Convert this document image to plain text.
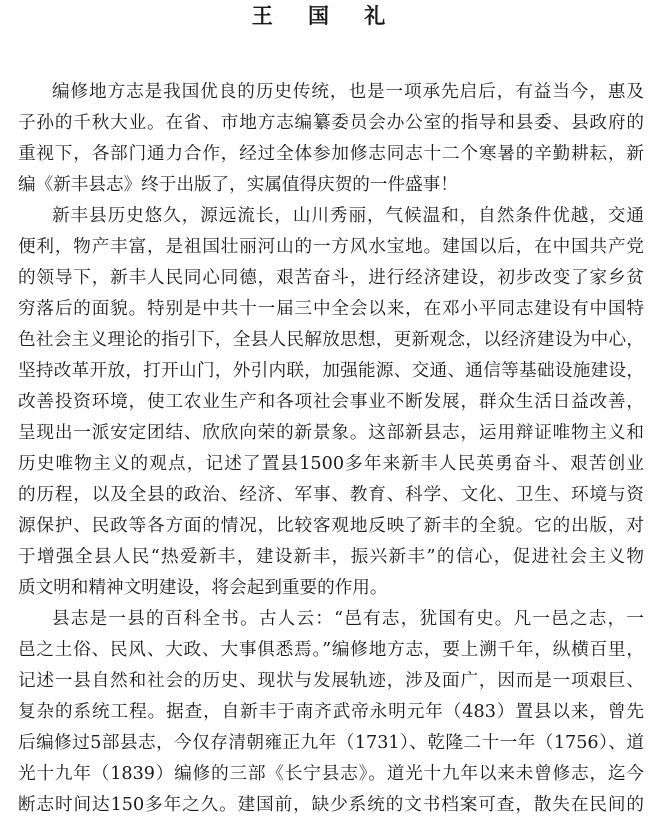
王 国 礼
编修地方志是我国优良的历史传统，也是一项承先启后，有益当今，惠及
子孙的千秋大业。在省、市地方志编纂委员会办公室的指导和县委、县政府的
重视下，各部门通力合作，经过全体参加修志同志十二个寒暑的辛勤耕耘，新
编《新丰县志》终于出版了，实属值得庆贺的一件盛事！
新丰县历史悠久，源远流长，山川秀丽，气候温和，自然条件优越，交通
便利，物产丰富，是祖国壮丽河山的一方风水宝地。建国以后，在中国共产党
的领导下，新丰人民同心同德，艰苦奋斗，进行经济建设，初步改变了家乡贫
穷落后的面貌。特别是中共十一届三中全会以来，在邓小平同志建设有中国特
色社会主义理论的指引下，全县人民解放思想，更新观念，以经济建设为中心，
坚持改革开放，打开山门，外引内联，加强能源、交通、通信等基础设施建设，
改善投资环境，使工农业生产和各项社会事业不断发展，群众生活日益改善，
呈现出一派安定团结、欣欣向荣的新景象。这部新县志，运用辩证唯物主义和
历史唯物主义的观点，记述了置县1500多年来新丰人民英勇奋斗、艰苦创业
的历程，以及全县的政治、经济、军事、教育、科学、文化、卫生、环境与资
源保护、民政等各方面的情况，比较客观地反映了新丰的全貌。它的出版，对
于增强全县人民“热爱新丰，建设新丰，振兴新丰”的信心，促进社会主义物
质文明和精神文明建设，将会起到重要的作用。
县志是一县的百科全书。古人云：“邑有志，犹国有史。凡一邑之志，一
邑之土俗、民风、大政、大事俱悉焉。”编修地方志，要上溯千年，纵横百里，
记述一县自然和社会的历史、现状与发展轨迹，涉及面广，因而是一项艰巨、
复杂的系统工程。据查，自新丰于南齐武帝永明元年（483）置县以来，曾先
后编修过5部县志，今仅存清朝雍正九年（1731）、乾隆二十一年（1756）、道
光十九年（1839）编修的三部《长宁县志》。道光十九年以来未曾修志，迄今
断志时间达150多年之久。建国前，缺少系统的文书档案可查，散失在民间的
